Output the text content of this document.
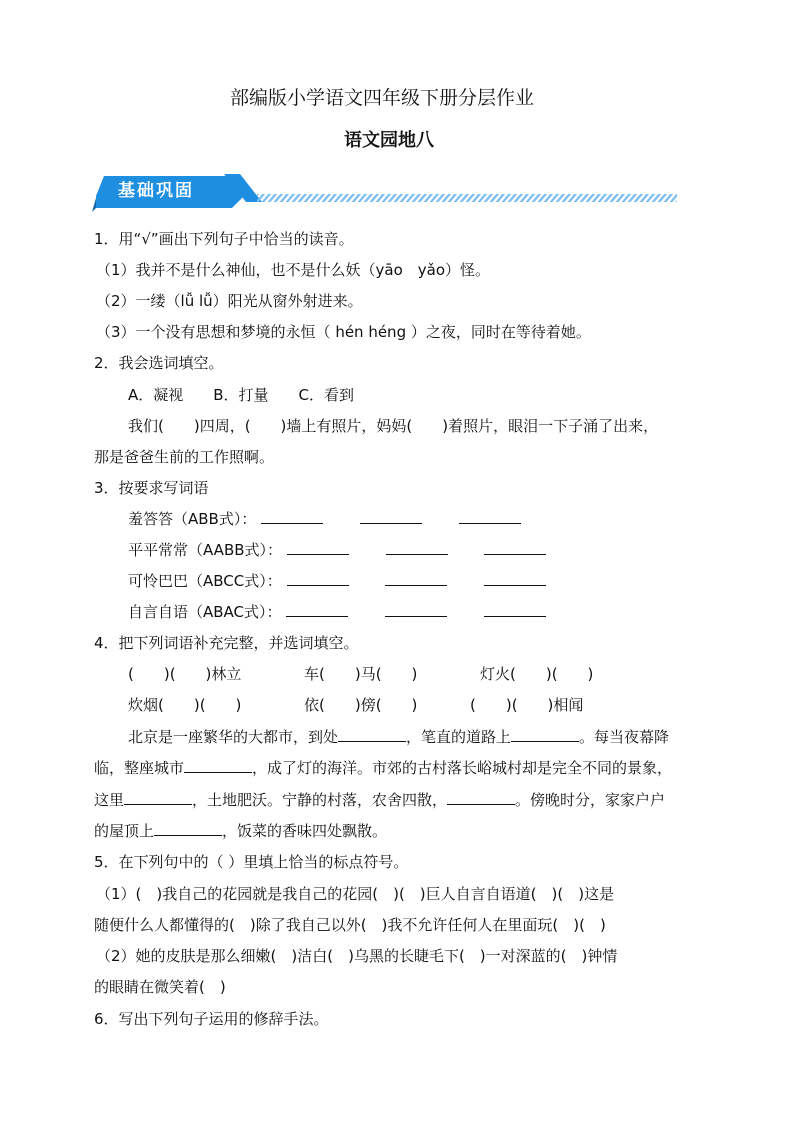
部编版小学语文四年级下册分层作业
语文园地八
基础巩固
1．用“√”画出下列句子中恰当的读音。
（1）我并不是什么神仙，也不是什么妖（yāo　yǎo）怪。
（2）一缕（lǚ lǚ）阳光从窗外射进来。
（3）一个没有思想和梦境的永恒（ hén héng ）之夜，同时在等待着她。
2．我会选词填空。
A．凝视　　B．打量　　C．看到
我们(　　)四周，(　　)墙上有照片，妈妈(　　)着照片，眼泪一下子涌了出来，
那是爸爸生前的工作照啊。
3．按要求写词语
羞答答（ABB式）：
平平常常（AABB式）：
可怜巴巴（ABCC式）：
自言自语（ABAC式）：
4．把下列词语补充完整，并选词填空。
(　　)(　　)林立	车(　　)马(　　)	灯火(　　)(　　)
炊烟(　　)(　　)	依(　　)傍(　　)	(　　)(　　)相闻
北京是一座繁华的大都市，到处	，笔直的道路上	。每当夜幕降
临，整座城市	，成了灯的海洋。市郊的古村落长峪城村却是完全不同的景象，
这里	，土地肥沃。宁静的村落，农舍四散，	。傍晚时分，家家户户
的屋顶上	，饭菜的香味四处飘散。
5．在下列句中的（ ）里填上恰当的标点符号。
（1）(　)我自己的花园就是我自己的花园(　)(　)巨人自言自语道(　)(　)这是
随便什么人都懂得的(　)除了我自己以外(　)我不允许任何人在里面玩(　)(　)
（2）她的皮肤是那么细嫩(　)洁白(　)乌黑的长睫毛下(　)一对深蓝的(　)钟情
的眼睛在微笑着(　)
6．写出下列句子运用的修辞手法。
